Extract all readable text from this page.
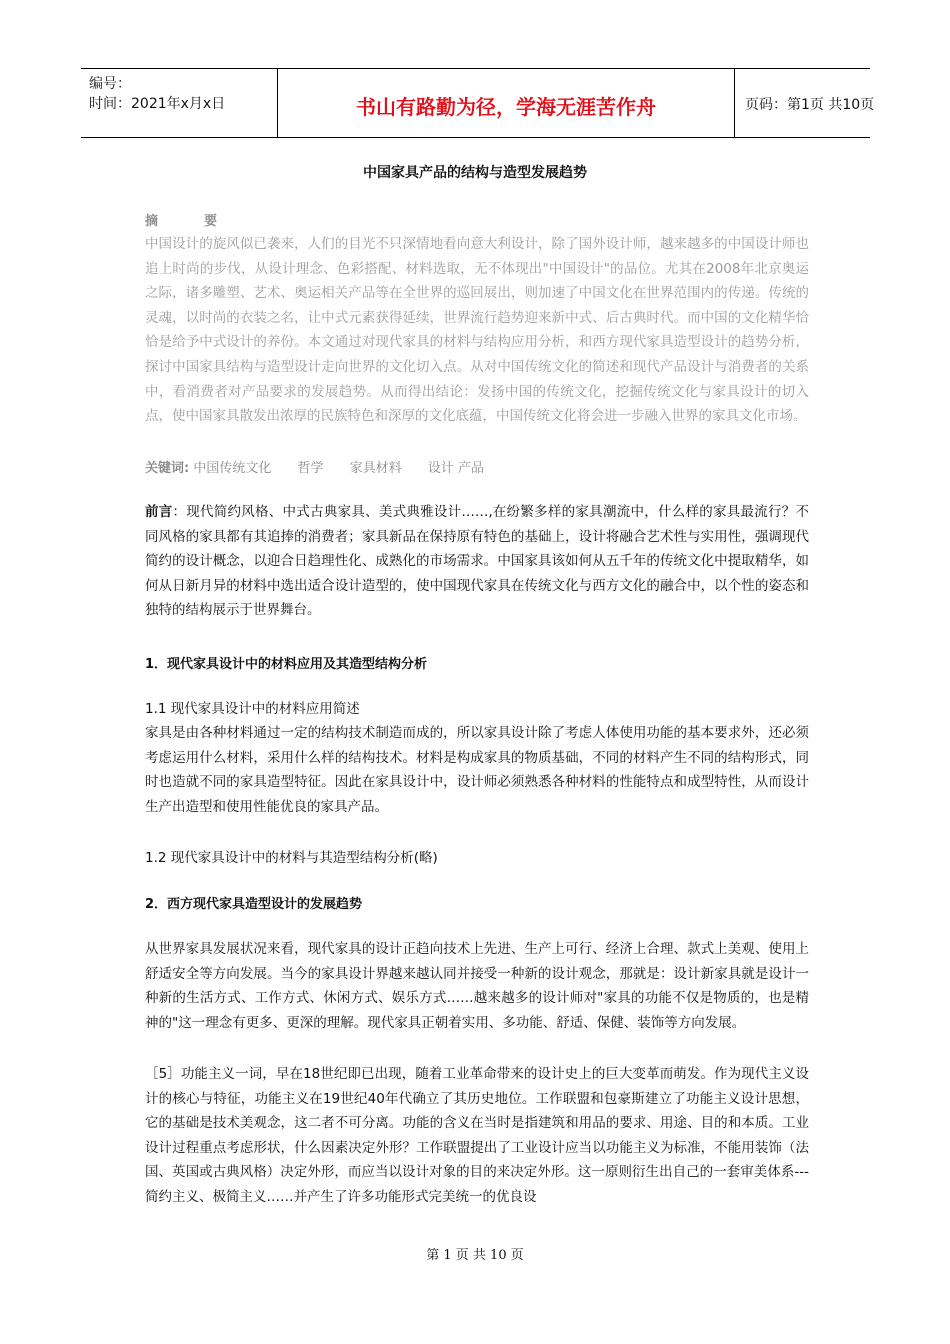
编号：
时间：2021年x月x日	书山有路勤为径，学海无涯苦作舟	页码：第1页 共10页
中国家具产品的结构与造型发展趋势
摘	要

中国设计的旋风似已袭来，人们的目光不只深情地看向意大利设计，除了国外设计师，越来越多的中国设计师也追上时尚的步伐，从设计理念、色彩搭配、材料选取，无不体现出"中国设计"的品位。尤其在2008年北京奥运之际，诸多雕塑、艺术、奥运相关产品等在全世界的巡回展出，则加速了中国文化在世界范围内的传递。传统的灵魂，以时尚的衣装之名，让中式元素获得延续，世界流行趋势迎来新中式、后古典时代。而中国的文化精华恰恰是给予中式设计的养份。本文通过对现代家具的材料与结构应用分析，和西方现代家具造型设计的趋势分析，探讨中国家具结构与造型设计走向世界的文化切入点。从对中国传统文化的简述和现代产品设计与消费者的关系中，看消费者对产品要求的发展趋势。从而得出结论：发扬中国的传统文化，挖掘传统文化与家具设计的切入点，使中国家具散发出浓厚的民族特色和深厚的文化底蕴，中国传统文化将会进一步融入世界的家具文化市场。

关键词: 中国传统文化 哲学 家具材料 设计 产品

前言：现代简约风格、中式古典家具、美式典雅设计……,在纷繁多样的家具潮流中，什么样的家具最流行？不同风格的家具都有其追捧的消费者；家具新品在保持原有特色的基础上，设计将融合艺术性与实用性，强调现代简约的设计概念，以迎合日趋理性化、成熟化的市场需求。中国家具该如何从五千年的传统文化中提取精华，如何从日新月异的材料中选出适合设计造型的，使中国现代家具在传统文化与西方文化的融合中，以个性的姿态和独特的结构展示于世界舞台。

1．现代家具设计中的材料应用及其造型结构分析
1.1 现代家具设计中的材料应用简述

家具是由各种材料通过一定的结构技术制造而成的，所以家具设计除了考虑人体使用功能的基本要求外，还必须考虑运用什么材料，采用什么样的结构技术。材料是构成家具的物质基础，不同的材料产生不同的结构形式，同时也造就不同的家具造型特征。因此在家具设计中，设计师必须熟悉各种材料的性能特点和成型特性，从而设计生产出造型和使用性能优良的家具产品。

1.2 现代家具设计中的材料与其造型结构分析(略)
2．西方现代家具造型设计的发展趋势

从世界家具发展状况来看，现代家具的设计正趋向技术上先进、生产上可行、经济上合理、款式上美观、使用上舒适安全等方向发展。当今的家具设计界越来越认同并接受一种新的设计观念，那就是：设计新家具就是设计一种新的生活方式、工作方式、休闲方式、娱乐方式……越来越多的设计师对"家具的功能不仅是物质的，也是精神的"这一理念有更多、更深的理解。现代家具正朝着实用、多功能、舒适、保健、装饰等方向发展。

［5］功能主义一词，早在18世纪即已出现，随着工业革命带来的设计史上的巨大变革而萌发。作为现代主义设计的核心与特征，功能主义在19世纪40年代确立了其历史地位。工作联盟和包豪斯建立了功能主义设计思想，它的基础是技术美观念，这二者不可分离。功能的含义在当时是指建筑和用品的要求、用途、目的和本质。工业设计过程重点考虑形状，什么因素决定外形？工作联盟提出了工业设计应当以功能主义为标准，不能用装饰（法国、英国或古典风格）决定外形，而应当以设计对象的目的来决定外形。这一原则衍生出自己的一套审美体系---简约主义、极简主义……并产生了许多功能形式完美统一的优良设

第 1 页 共 10 页
